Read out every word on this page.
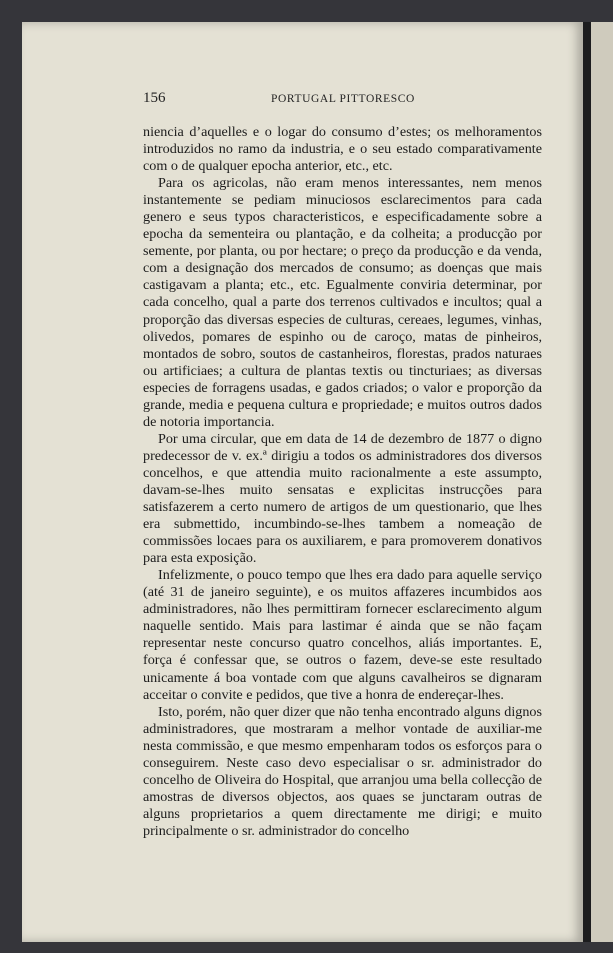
156	PORTUGAL PITTORESCO

niencia d’aquelles e o logar do consumo d’estes; os melhoramentos introduzidos no ramo da industria, e o seu estado comparativamente com o de qualquer epocha anterior, etc., etc.

Para os agricolas, não eram menos interessantes, nem menos instantemente se pediam minuciosos esclarecimentos para cada genero e seus typos characteristicos, e especificadamente sobre a epocha da sementeira ou plantação, e da colheita; a producção por semente, por planta, ou por hectare; o preço da producção e da venda, com a designação dos mercados de consumo; as doenças que mais castigavam a planta; etc., etc. Egualmente conviria determinar, por cada concelho, qual a parte dos terrenos cultivados e incultos; qual a proporção das diversas especies de culturas, cereaes, legumes, vinhas, olivedos, pomares de espinho ou de caroço, matas de pinheiros, montados de sobro, soutos de castanheiros, florestas, prados naturaes ou artificiaes; a cultura de plantas textis ou tincturiaes; as diversas especies de forragens usadas, e gados criados; o valor e proporção da grande, media e pequena cultura e propriedade; e muitos outros dados de notoria importancia.

Por uma circular, que em data de 14 de dezembro de 1877 o digno predecessor de v. ex.ª dirigiu a todos os administradores dos diversos concelhos, e que attendia muito racionalmente a este assumpto, davam-se-lhes muito sensatas e explicitas instrucções para satisfazerem a certo numero de artigos de um questionario, que lhes era submettido, incumbindo-se-lhes tambem a nomeação de commissões locaes para os auxiliarem, e para promoverem donativos para esta exposição.

Infelizmente, o pouco tempo que lhes era dado para aquelle serviço (até 31 de janeiro seguinte), e os muitos affazeres incumbidos aos administradores, não lhes permittiram fornecer esclarecimento algum naquelle sentido. Mais para lastimar é ainda que se não façam representar neste concurso quatro concelhos, aliás importantes. E, força é confessar que, se outros o fazem, deve-se este resultado unicamente á boa vontade com que alguns cavalheiros se dignaram acceitar o convite e pedidos, que tive a honra de endereçar-lhes.

Isto, porém, não quer dizer que não tenha encontrado alguns dignos administradores, que mostraram a melhor vontade de auxiliar-me nesta commissão, e que mesmo empenharam todos os esforços para o conseguirem. Neste caso devo especialisar o sr. administrador do concelho de Oliveira do Hospital, que arranjou uma bella collecção de amostras de diversos objectos, aos quaes se junctaram outras de alguns proprietarios a quem directamente me dirigi; e muito principalmente o sr. administrador do concelho
